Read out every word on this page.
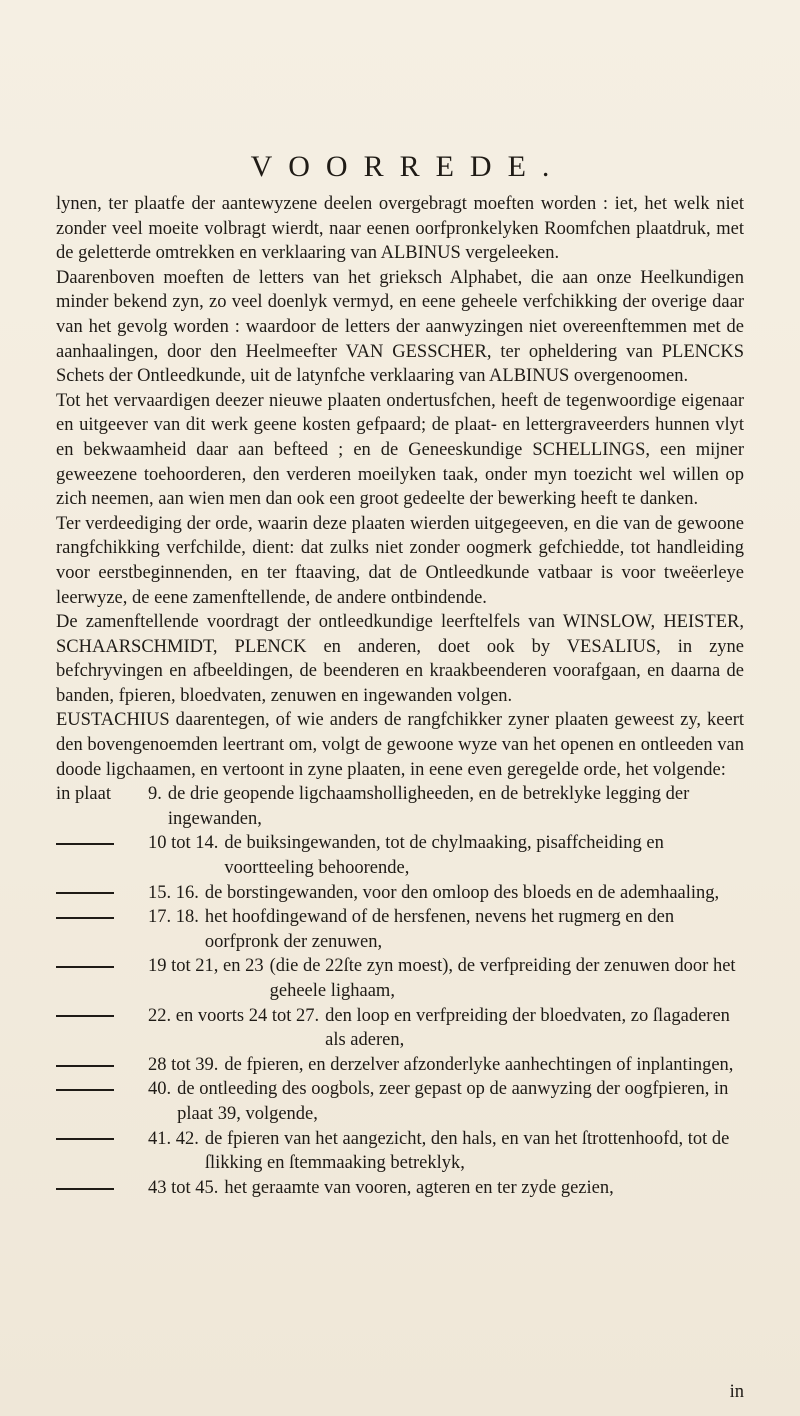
VOORREDE.

lynen, ter plaatfe der aantewyzene deelen overgebragt moeften worden : iet, het welk niet zonder veel moeite volbragt wierdt, naar eenen oorfpronkelyken Roomfchen plaatdruk, met de geletterde omtrekken en verklaaring van ALBINUS vergeleeken.

Daarenboven moeften de letters van het grieksch Alphabet, die aan onze Heelkundigen minder bekend zyn, zo veel doenlyk vermyd, en eene geheele verfchikking der overige daar van het gevolg worden : waardoor de letters der aanwyzingen niet overeenftemmen met de aanhaalingen, door den Heelmeefter VAN GESSCHER, ter opheldering van PLENCKS Schets der Ontleedkunde, uit de latynfche verklaaring van ALBINUS overgenoomen.

Tot het vervaardigen deezer nieuwe plaaten ondertusfchen, heeft de tegenwoordige eigenaar en uitgeever van dit werk geene kosten gefpaard; de plaat- en lettergraveerders hunnen vlyt en bekwaamheid daar aan befteed ; en de Geneeskundige SCHELLINGS, een mijner geweezene toehoorderen, den verderen moeilyken taak, onder myn toezicht wel willen op zich neemen, aan wien men dan ook een groot gedeelte der bewerking heeft te danken.

Ter verdeediging der orde, waarin deze plaaten wierden uitgegeeven, en die van de gewoone rangfchikking verfchilde, dient: dat zulks niet zonder oogmerk gefchiedde, tot handleiding voor eerstbeginnenden, en ter ftaaving, dat de Ontleedkunde vatbaar is voor tweëerleye leerwyze, de eene zamenftellende, de andere ontbindende.

De zamenftellende voordragt der ontleedkundige leerftelfels van WINSLOW, HEISTER, SCHAARSCHMIDT, PLENCK en anderen, doet ook by VESALIUS, in zyne befchryvingen en afbeeldingen, de beenderen en kraakbeenderen voorafgaan, en daarna de banden, fpieren, bloedvaten, zenuwen en ingewanden volgen.

EUSTACHIUS daarentegen, of wie anders de rangfchikker zyner plaaten geweest zy, keert den bovengenoemden leertrant om, volgt de gewoone wyze van het openen en ontleeden van doode ligchaamen, en vertoont in zyne plaaten, in eene even geregelde orde, het volgende:

in plaat	9. de drie geopende ligchaamsholligheeden, en de betreklyke legging der ingewanden,
10 tot 14. de buiksingewanden, tot de chylmaaking, pisaffcheiding en voortteeling behoorende,
15. 16. de borstingewanden, voor den omloop des bloeds en de ademhaaling,
17. 18. het hoofdingewand of de hersfenen, nevens het rugmerg en den oorfpronk der zenuwen,
19 tot 21, en 23 (die de 22ſte zyn moest), de verfpreiding der zenuwen door het geheele lighaam,
22. en voorts 24 tot 27. den loop en verfpreiding der bloedvaten, zo ſlagaderen als aderen,
28 tot 39. de fpieren, en derzelver afzonderlyke aanhechtingen of inplantingen,
40. de ontleeding des oogbols, zeer gepast op de aanwyzing der oogfpieren, in plaat 39, volgende,
41. 42. de fpieren van het aangezicht, den hals, en van het ſtrottenhoofd, tot de ſlikking en ſtemmaaking betreklyk,
43 tot 45. het geraamte van vooren, agteren en ter zyde gezien,
in
